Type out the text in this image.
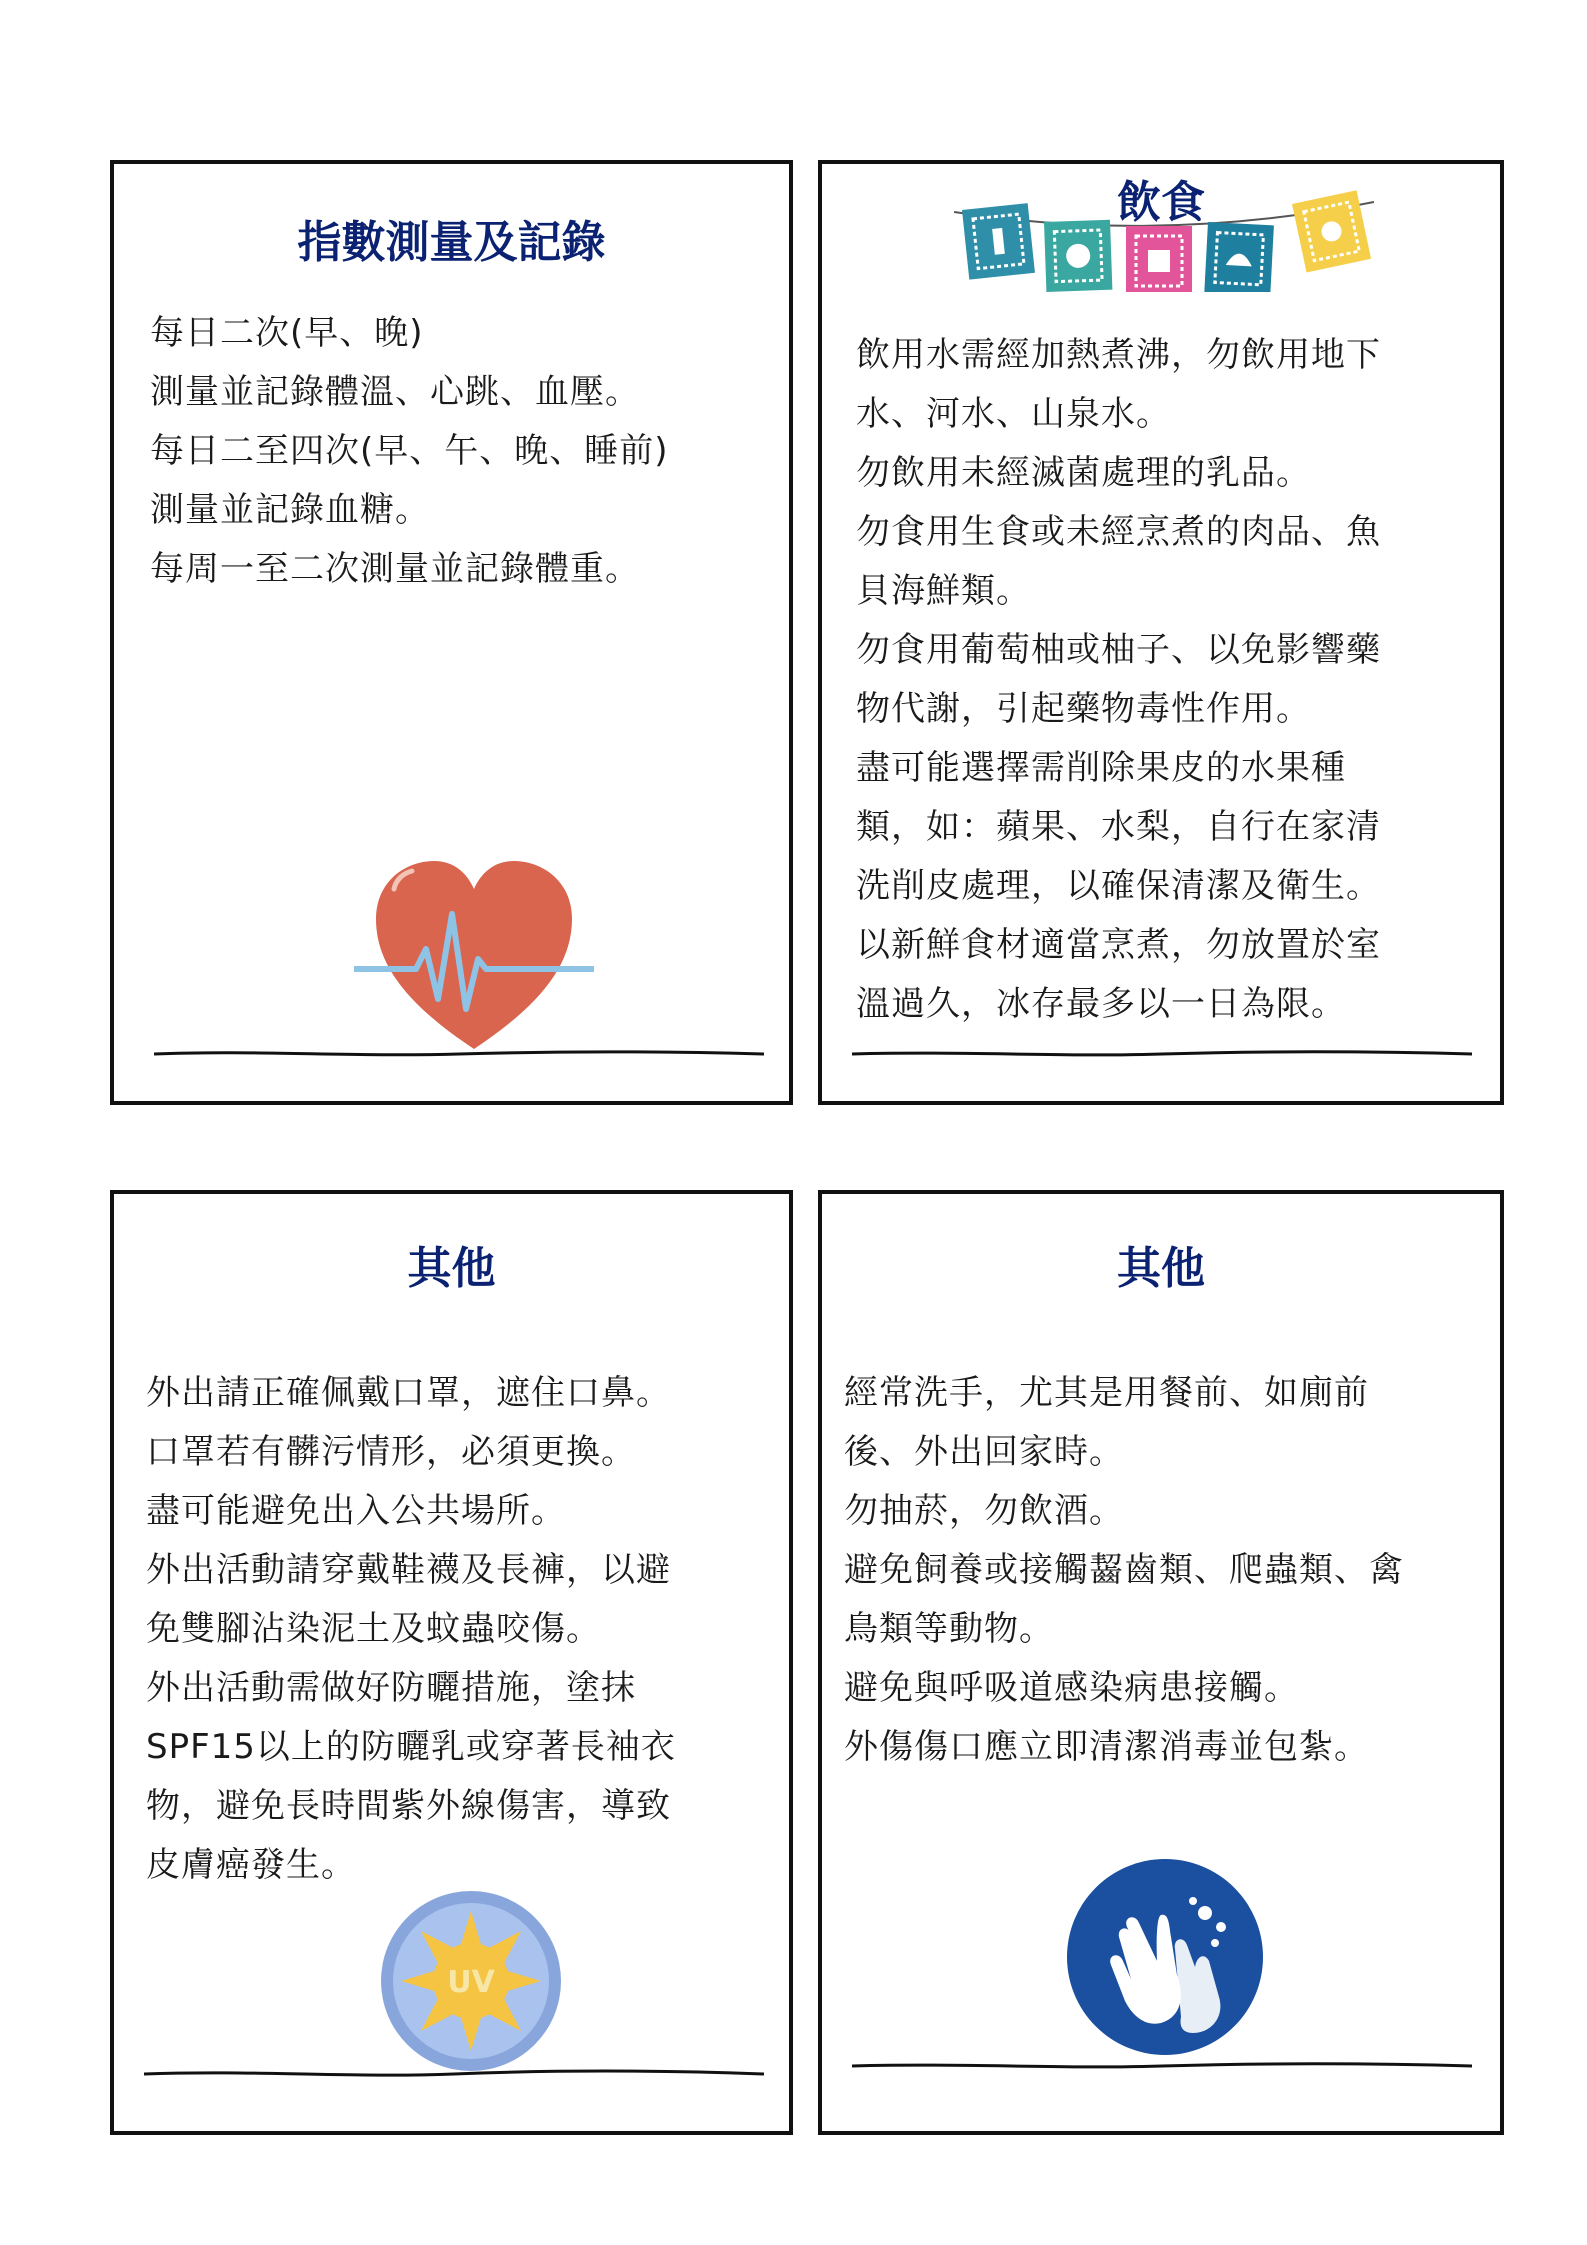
指數測量及記錄
每日二次(早、晚)
測量並記錄體溫、心跳、血壓。
每日二至四次(早、午、晚、睡前)
測量並記錄血糖。
每周一至二次測量並記錄體重。
飲食
飲用水需經加熱煮沸，勿飲用地下
水、河水、山泉水。
勿飲用未經滅菌處理的乳品。
勿食用生食或未經烹煮的肉品、魚
貝海鮮類。
勿食用葡萄柚或柚子、以免影響藥
物代謝，引起藥物毒性作用。
盡可能選擇需削除果皮的水果種
類，如：蘋果、水梨，自行在家清
洗削皮處理，以確保清潔及衛生。
以新鮮食材適當烹煮，勿放置於室
溫過久，冰存最多以一日為限。
其他
外出請正確佩戴口罩，遮住口鼻。
口罩若有髒污情形，必須更換。
盡可能避免出入公共場所。
外出活動請穿戴鞋襪及長褲，以避
免雙腳沾染泥土及蚊蟲咬傷。
外出活動需做好防曬措施，塗抹
SPF15以上的防曬乳或穿著長袖衣
物，避免長時間紫外線傷害，導致
皮膚癌發生。
UV
其他
經常洗手，尤其是用餐前、如廁前
後、外出回家時。
勿抽菸，勿飲酒。
避免飼養或接觸齧齒類、爬蟲類、禽
鳥類等動物。
避免與呼吸道感染病患接觸。
外傷傷口應立即清潔消毒並包紮。
